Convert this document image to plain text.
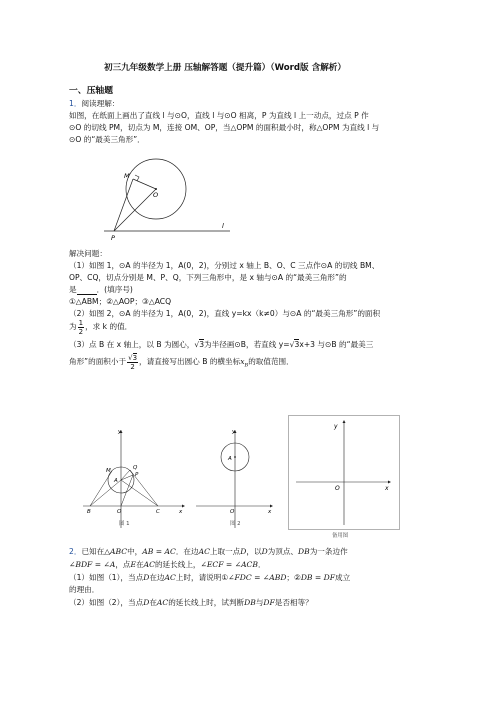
初三九年级数学上册 压轴解答题（提升篇）（Word版 含解析）
一、压轴题
1．阅读理解：
如图，在纸面上画出了直线 l 与⊙O，直线 l 与⊙O 相离，P 为直线 l 上一动点，过点 P 作
⊙O 的切线 PM，切点为 M，连接 OM、OP，当△OPM 的面积最小时，称△OPM 为直线 l 与
⊙O 的“最美三角形”．
M
O
P
l
解决问题：
（1）如图 1，⊙A 的半径为 1，A(0，2)，分别过 x 轴上 B、O、C 三点作⊙A 的切线 BM、
OP、CQ，切点分别是 M、P、Q，下列三角形中，是 x 轴与⊙A 的“最美三角形”的
是	．(填序号)
①△ABM；②△AOP；③△ACQ
（2）如图 2，⊙A 的半径为 1，A(0，2)，直线 y=kx（k≠0）与⊙A 的“最美三角形”的面积
为 $\frac{1}{2}$ ，求 k 的值．
（3）点 B 在 x 轴上，以 B 为圆心，√3为半径画⊙B，若直线 y=√3x+3 与⊙B 的“最美三
角形”的面积小于 $\frac{√3}{2}$ ，请直接写出圆心 B 的横坐标$x_B$的取值范围．
y
Q
A
M
P
B	O	C	x
图 1
y
A
O	x
图 2
y
O	x
备用图
2．已知在△ABC中，AB = AC．在边AC上取一点D，以D为顶点、DB为一条边作
∠BDF = ∠A，点E在AC的延长线上，∠ECF = ∠ACB．
（1）如图（1），当点D在边AC上时，请说明①∠FDC = ∠ABD；②DB = DF成立
的理由．
（2）如图（2），当点D在AC的延长线上时，试判断DB与DF是否相等？
